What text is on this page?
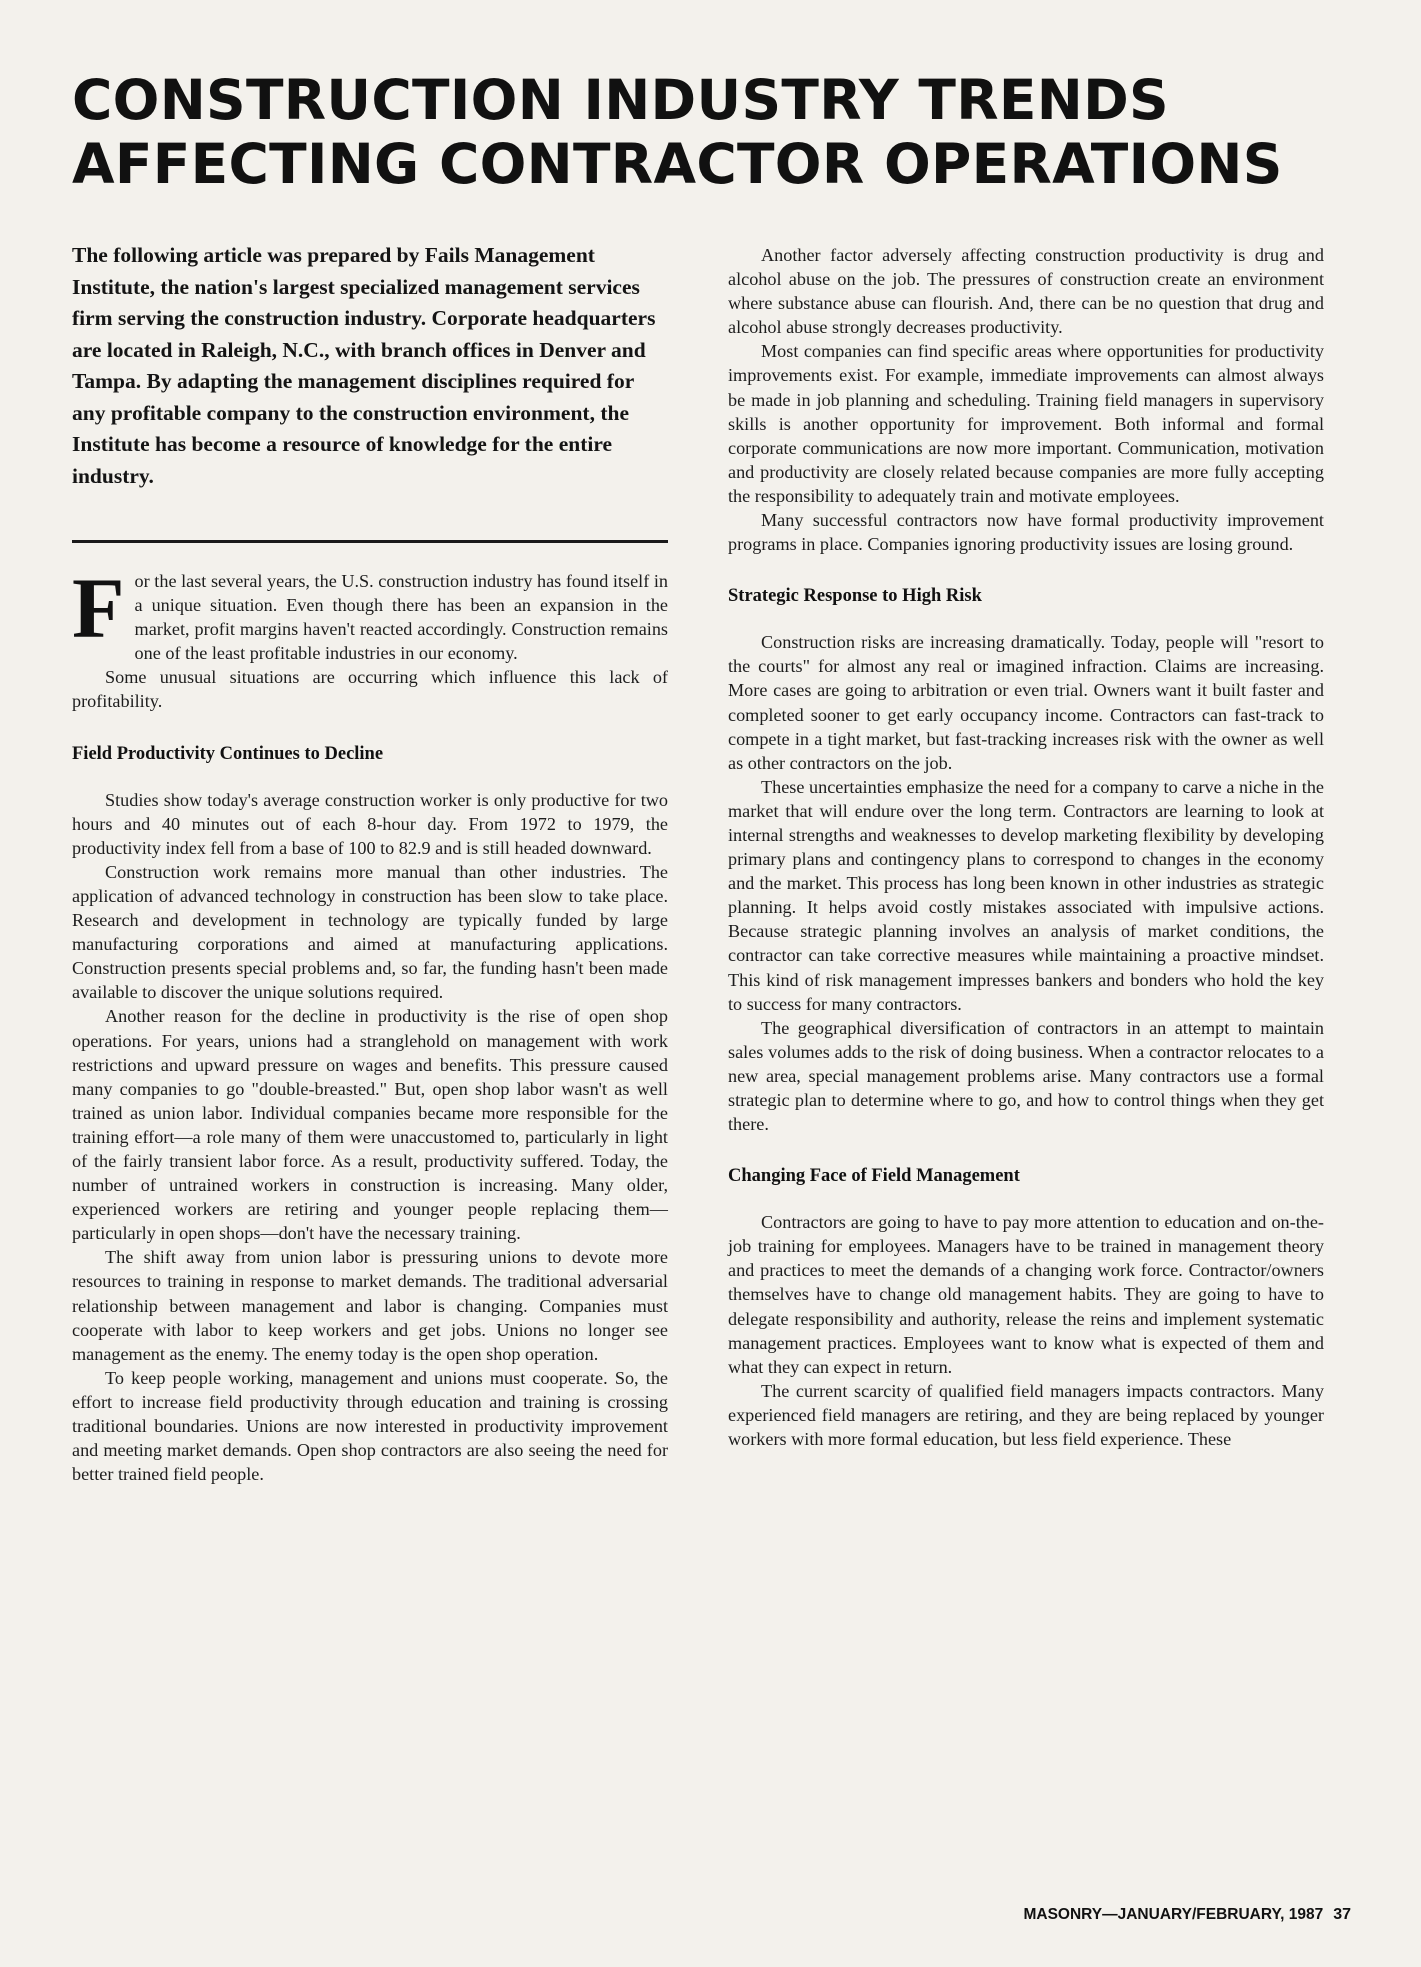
CONSTRUCTION INDUSTRY TRENDS
AFFECTING CONTRACTOR OPERATIONS

The following article was prepared by Fails Management Institute, the nation's largest specialized management services firm serving the construction industry. Corporate headquarters are located in Raleigh, N.C., with branch offices in Denver and Tampa. By adapting the management disciplines required for any profitable company to the construction environment, the Institute has become a resource of knowledge for the entire industry.

For the last several years, the U.S. construction industry has found itself in a unique situation. Even though there has been an expansion in the market, profit margins haven't reacted accordingly. Construction remains one of the least profitable industries in our economy.

Some unusual situations are occurring which influence this lack of profitability.

Field Productivity Continues to Decline

Studies show today's average construction worker is only productive for two hours and 40 minutes out of each 8-hour day. From 1972 to 1979, the productivity index fell from a base of 100 to 82.9 and is still headed downward.

Construction work remains more manual than other industries. The application of advanced technology in construction has been slow to take place. Research and development in technology are typically funded by large manufacturing corporations and aimed at manufacturing applications. Construction presents special problems and, so far, the funding hasn't been made available to discover the unique solutions required.

Another reason for the decline in productivity is the rise of open shop operations. For years, unions had a stranglehold on management with work restrictions and upward pressure on wages and benefits. This pressure caused many companies to go "double-breasted." But, open shop labor wasn't as well trained as union labor. Individual companies became more responsible for the training effort—a role many of them were unaccustomed to, particularly in light of the fairly transient labor force. As a result, productivity suffered. Today, the number of untrained workers in construction is increasing. Many older, experienced workers are retiring and younger people replacing them—particularly in open shops—don't have the necessary training.

The shift away from union labor is pressuring unions to devote more resources to training in response to market demands. The traditional adversarial relationship between management and labor is changing. Companies must cooperate with labor to keep workers and get jobs. Unions no longer see management as the enemy. The enemy today is the open shop operation.

To keep people working, management and unions must cooperate. So, the effort to increase field productivity through education and training is crossing traditional boundaries. Unions are now interested in productivity improvement and meeting market demands. Open shop contractors are also seeing the need for better trained field people.

Another factor adversely affecting construction productivity is drug and alcohol abuse on the job. The pressures of construction create an environment where substance abuse can flourish. And, there can be no question that drug and alcohol abuse strongly decreases productivity.

Most companies can find specific areas where opportunities for productivity improvements exist. For example, immediate improvements can almost always be made in job planning and scheduling. Training field managers in supervisory skills is another opportunity for improvement. Both informal and formal corporate communications are now more important. Communication, motivation and productivity are closely related because companies are more fully accepting the responsibility to adequately train and motivate employees.

Many successful contractors now have formal productivity improvement programs in place. Companies ignoring productivity issues are losing ground.

Strategic Response to High Risk

Construction risks are increasing dramatically. Today, people will "resort to the courts" for almost any real or imagined infraction. Claims are increasing. More cases are going to arbitration or even trial. Owners want it built faster and completed sooner to get early occupancy income. Contractors can fast-track to compete in a tight market, but fast-tracking increases risk with the owner as well as other contractors on the job.

These uncertainties emphasize the need for a company to carve a niche in the market that will endure over the long term. Contractors are learning to look at internal strengths and weaknesses to develop marketing flexibility by developing primary plans and contingency plans to correspond to changes in the economy and the market. This process has long been known in other industries as strategic planning. It helps avoid costly mistakes associated with impulsive actions. Because strategic planning involves an analysis of market conditions, the contractor can take corrective measures while maintaining a proactive mindset. This kind of risk management impresses bankers and bonders who hold the key to success for many contractors.

The geographical diversification of contractors in an attempt to maintain sales volumes adds to the risk of doing business. When a contractor relocates to a new area, special management problems arise. Many contractors use a formal strategic plan to determine where to go, and how to control things when they get there.

Changing Face of Field Management

Contractors are going to have to pay more attention to education and on-the-job training for employees. Managers have to be trained in management theory and practices to meet the demands of a changing work force. Contractor/owners themselves have to change old management habits. They are going to have to delegate responsibility and authority, release the reins and implement systematic management practices. Employees want to know what is expected of them and what they can expect in return.

The current scarcity of qualified field managers impacts contractors. Many experienced field managers are retiring, and they are being replaced by younger workers with more formal education, but less field experience. These

MASONRY—JANUARY/FEBRUARY, 1987 37
